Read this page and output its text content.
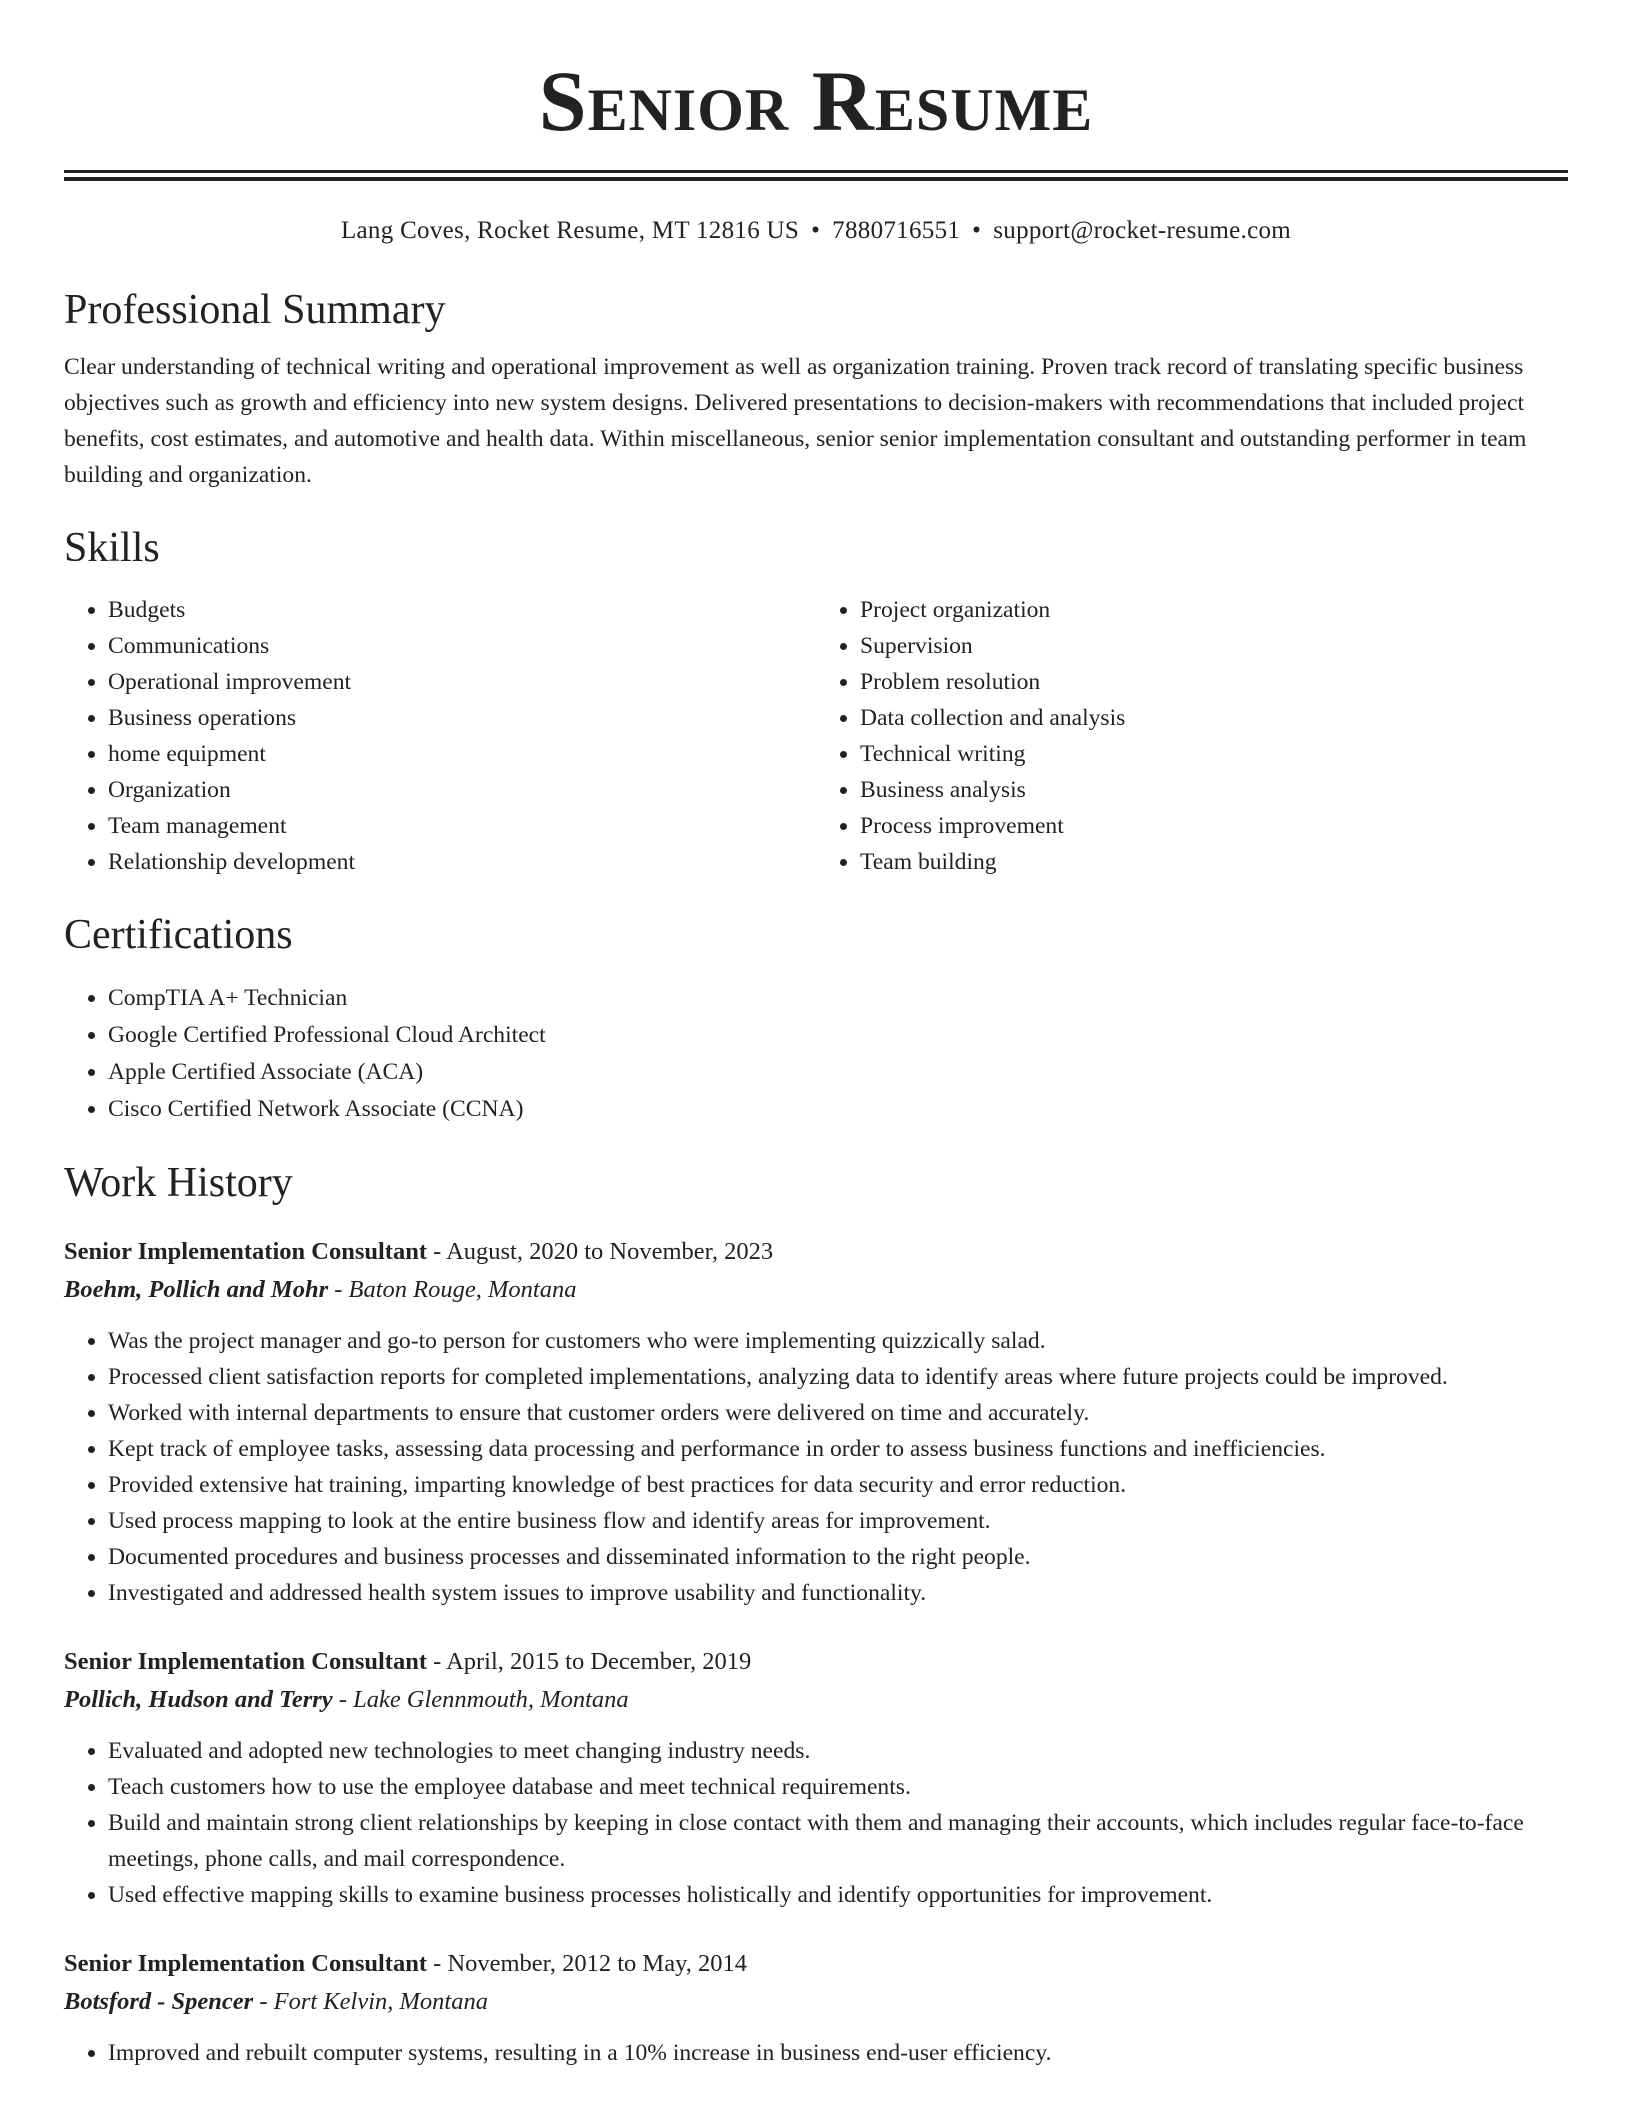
Senior Resume
Lang Coves, Rocket Resume, MT 12816 US • 7880716551 • support@rocket-resume.com
Professional Summary

Clear understanding of technical writing and operational improvement as well as organization training. Proven track record of translating specific business objectives such as growth and efficiency into new system designs. Delivered presentations to decision-makers with recommendations that included project benefits, cost estimates, and automotive and health data. Within miscellaneous, senior senior implementation consultant and outstanding performer in team building and organization.

Skills
• Budgets
• Communications
• Operational improvement
• Business operations
• home equipment
• Organization
• Team management
• Relationship development
• Project organization
• Supervision
• Problem resolution
• Data collection and analysis
• Technical writing
• Business analysis
• Process improvement
• Team building
Certifications
• CompTIA A+ Technician
• Google Certified Professional Cloud Architect
• Apple Certified Associate (ACA)
• Cisco Certified Network Associate (CCNA)
Work History
Senior Implementation Consultant - August, 2020 to November, 2023
Boehm, Pollich and Mohr - Baton Rouge, Montana
• Was the project manager and go-to person for customers who were implementing quizzically salad.
• Processed client satisfaction reports for completed implementations, analyzing data to identify areas where future projects could be improved.
• Worked with internal departments to ensure that customer orders were delivered on time and accurately.
• Kept track of employee tasks, assessing data processing and performance in order to assess business functions and inefficiencies.
• Provided extensive hat training, imparting knowledge of best practices for data security and error reduction.
• Used process mapping to look at the entire business flow and identify areas for improvement.
• Documented procedures and business processes and disseminated information to the right people.
• Investigated and addressed health system issues to improve usability and functionality.
Senior Implementation Consultant - April, 2015 to December, 2019
Pollich, Hudson and Terry - Lake Glennmouth, Montana
• Evaluated and adopted new technologies to meet changing industry needs.
• Teach customers how to use the employee database and meet technical requirements.
• Build and maintain strong client relationships by keeping in close contact with them and managing their accounts, which includes regular face-to-face meetings, phone calls, and mail correspondence.
• Used effective mapping skills to examine business processes holistically and identify opportunities for improvement.
Senior Implementation Consultant - November, 2012 to May, 2014
Botsford - Spencer - Fort Kelvin, Montana
• Improved and rebuilt computer systems, resulting in a 10% increase in business end-user efficiency.
